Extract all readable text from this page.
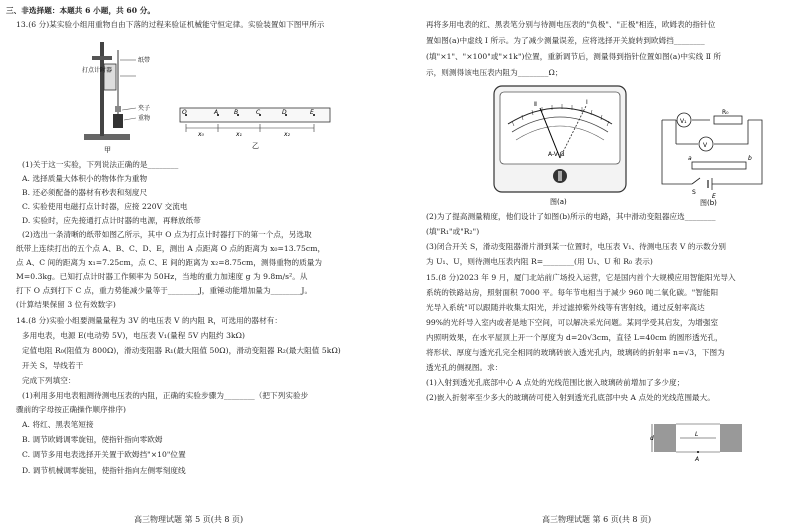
三、非选择题：本题共 6 小题，共 60 分。
13.(6 分)某实验小组用重物自由下落的过程来验证机械能守恒定律。实验装置如下图甲所示
打点计时器
纸带
夹子
重物
甲
O	A	B	C	D	E
x₀	x₁	x₂
乙
(1)关于这一实验，下列说法正确的是________
A. 选择质量大体积小的物体作为重物
B. 还必须配备的器材有秒表和刻度尺
C. 实验使用电磁打点计时器，应接 220V 交流电
D. 实验时，应先接通打点计时器的电源，再释放纸带
(2)选出一条清晰的纸带如图乙所示，其中 O 点为打点计时器打下的第一个点，另选取
纸带上连续打出的五个点 A、B、C、D、E，测出 A 点距离 O 点的距离为 x₀=13.75cm，
点 A、C 间的距离为 x₁=7.25cm，点 C、E 间的距离为 x₂=8.75cm，测得重物的质量为
M=0.3kg。已知打点计时器工作频率为 50Hz，当地的重力加速度 g 为 9.8m/s²。从
打下 O 点到打下 C 点，重力势能减少量等于________J，重锤动能增加量为________J。
(计算结果保留 3 位有效数字)
14.(8 分)实验小组要测量量程为 3V 的电压表 V 的内阻 R，可选用的器材有：
多用电表，电源 E(电动势 5V)，电压表 V₁(量程 5V 内阻约 3kΩ)
定值电阻 R₀(阻值为 800Ω)，滑动变阻器 R₁(最大阻值 50Ω)，滑动变阻器 R₂(最大阻值 5kΩ)
开关 S，导线若干
完成下列填空：
(1)利用多用电表粗测待测电压表的内阻，正确的实验步骤为________（把下列实验步
骤前的字母按正确操作顺序排序)
A. 将红、黑表笔短接
B. 调节欧姆调零旋钮，使指针指向零欧姆
C. 调节多用电表选择开关置于欧姆挡"×10"位置
D. 调节机械调零旋钮，使指针指向左侧零刻度线
高三物理试题 第 5 页(共 8 页)
再将多用电表的红、黑表笔分别与待测电压表的"负极"、"正极"相连，欧姆表的指针位
置如图(a)中虚线 Ⅰ 所示。为了减少测量误差，应将选择开关旋转到欧姆挡________
(填"×1"、"×100"或"×1k")位置，重新调节后，测量得到指针位置如图(a)中实线 Ⅱ 所
示，则测得该电压表内阻为________Ω；
Ⅰ
Ⅱ
A-V-Ω
图(a)
V₁
V
R₀
a	b
S
E
图(b)
(2)为了提高测量精度，他们设计了如图(b)所示的电路，其中滑动变阻器应选________
(填"R₁"或"R₂")
(3)闭合开关 S，滑动变阻器滑片滑到某一位置时，电压表 V₁、待测电压表 V 的示数分别
为 U₁、U，则待测电压表内阻 R=________(用 U₁、U 和 R₀ 表示)
15.(8 分)2023 年 9 月，厦门北站前广场投入运营，它是国内首个大规模应用智能阳光导入
系统的铁路站房，照射面积 7000 平。每年节电相当于减少 960 吨二氧化碳。"智能阳
光导入系统"可以跟随并收集太阳光，并过滤掉紫外线等有害射线，通过反射率高达
99%的光纤导入室内或者是地下空间，可以解决采光问题。某同学受其启发，为增强室
内照明效果，在水平屋顶上开一个厚度为 d=20√3cm，直径 L=40cm 的圆形透光孔，
将形状、厚度与透光孔完全相同的玻璃砖嵌入透光孔内，玻璃砖的折射率 n=√3，下图为
透光孔的侧视图。求：
(1)入射到透光孔底部中心 A 点处的光线范围比嵌入玻璃砖前增加了多少度；
(2)嵌入折射率至少多大的玻璃砖可使入射到透光孔底部中央 A 点处的光线范围最大。
d
L
A
高三物理试题 第 6 页(共 8 页)
